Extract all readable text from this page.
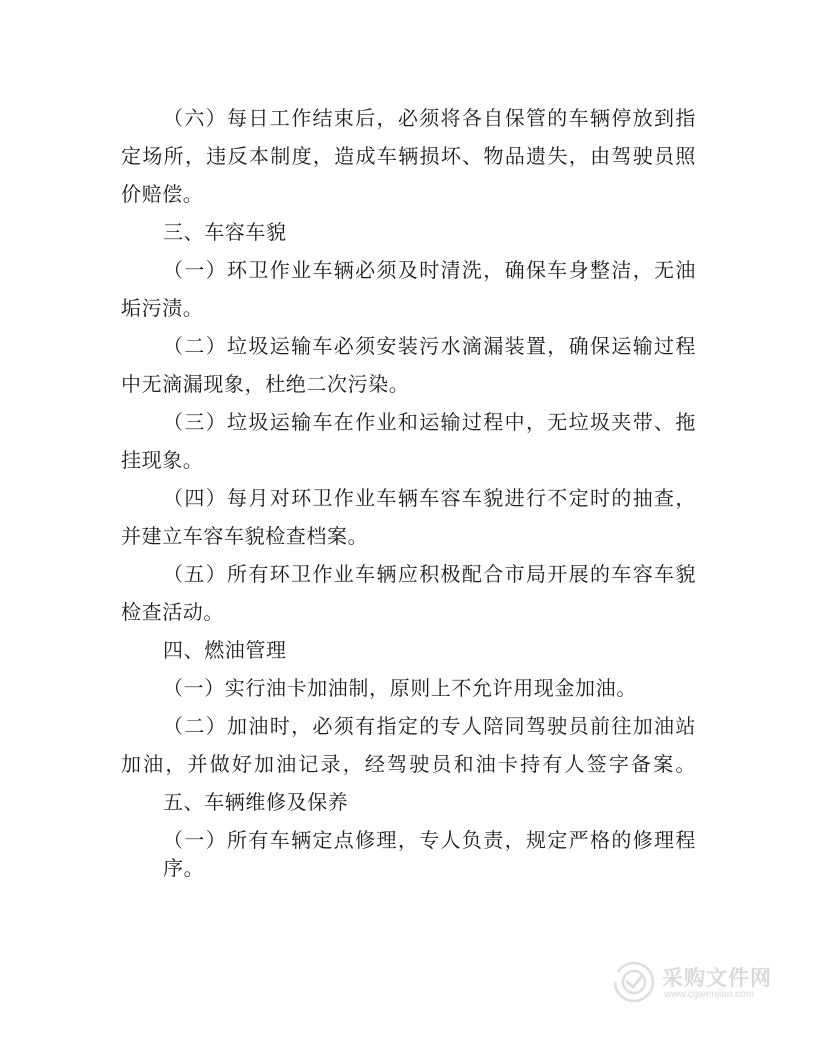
（六）每日工作结束后，必须将各自保管的车辆停放到指
定场所，违反本制度，造成车辆损坏、物品遗失，由驾驶员照
价赔偿。
三、车容车貌
（一）环卫作业车辆必须及时清洗，确保车身整洁，无油
垢污渍。
（二）垃圾运输车必须安装污水滴漏装置，确保运输过程
中无滴漏现象，杜绝二次污染。
（三）垃圾运输车在作业和运输过程中，无垃圾夹带、拖
挂现象。
（四）每月对环卫作业车辆车容车貌进行不定时的抽查，
并建立车容车貌检查档案。
（五）所有环卫作业车辆应积极配合市局开展的车容车貌
检查活动。
四、燃油管理
（一）实行油卡加油制，原则上不允许用现金加油。
（二）加油时，必须有指定的专人陪同驾驶员前往加油站
加油，并做好加油记录，经驾驶员和油卡持有人签字备案。
五、车辆维修及保养
（一）所有车辆定点修理，专人负责，规定严格的修理程
序。
采购文件网
www.cgwenjian.com
